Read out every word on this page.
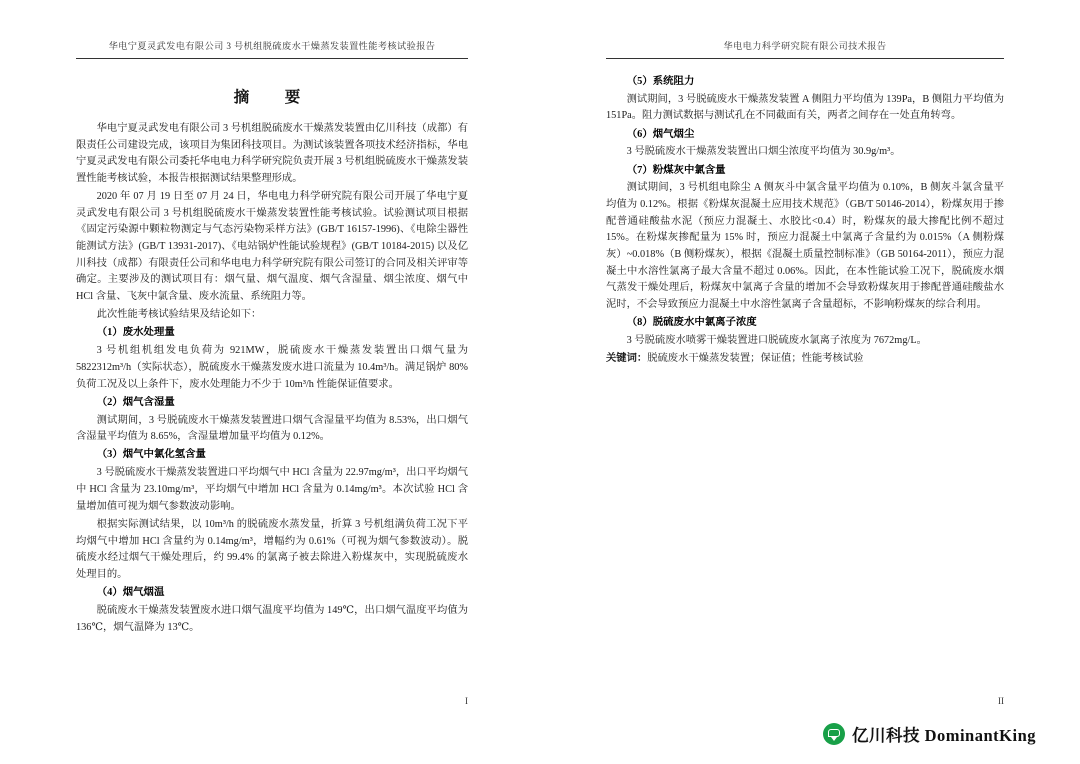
华电宁夏灵武发电有限公司 3 号机组脱硫废水干燥蒸发装置性能考核试验报告
摘　要

华电宁夏灵武发电有限公司 3 号机组脱硫废水干燥蒸发装置由亿川科技（成都）有限责任公司建设完成，该项目为集团科技项目。为测试该装置各项技术经济指标，华电宁夏灵武发电有限公司委托华电电力科学研究院负责开展 3 号机组脱硫废水干燥蒸发装置性能考核试验，本报告根据测试结果整理形成。

2020 年 07 月 19 日至 07 月 24 日，华电电力科学研究院有限公司开展了华电宁夏灵武发电有限公司 3 号机组脱硫废水干燥蒸发装置性能考核试验。试验测试项目根据《固定污染源中颗粒物测定与气态污染物采样方法》(GB/T 16157-1996)、《电除尘器性能测试方法》(GB/T 13931-2017)、《电站锅炉性能试验规程》(GB/T 10184-2015) 以及亿川科技（成都）有限责任公司和华电电力科学研究院有限公司签订的合同及相关评审等确定。主要涉及的测试项目有：烟气量、烟气温度、烟气含湿量、烟尘浓度、烟气中 HCl 含量、飞灰中氯含量、废水流量、系统阻力等。

此次性能考核试验结果及结论如下：

（1）废水处理量

3 号机组机组发电负荷为 921MW，脱硫废水干燥蒸发装置出口烟气量为 5822312m³/h（实际状态），脱硫废水干燥蒸发废水进口流量为 10.4m³/h。满足锅炉 80% 负荷工况及以上条件下，废水处理能力不少于 10m³/h 性能保证值要求。

（2）烟气含湿量

测试期间，3 号脱硫废水干燥蒸发装置进口烟气含湿量平均值为 8.53%，出口烟气含湿量平均值为 8.65%，含湿量增加量平均值为 0.12%。

（3）烟气中氯化氢含量

3 号脱硫废水干燥蒸发装置进口平均烟气中 HCl 含量为 22.97mg/m³，出口平均烟气中 HCl 含量为 23.10mg/m³，平均烟气中增加 HCl 含量为 0.14mg/m³。本次试验 HCl 含量增加值可视为烟气参数波动影响。

根据实际测试结果，以 10m³/h 的脱硫废水蒸发量，折算 3 号机组满负荷工况下平均烟气中增加 HCl 含量约为 0.14mg/m³，增幅约为 0.61%（可视为烟气参数波动）。脱硫废水经过烟气干燥处理后，约 99.4% 的氯离子被去除进入粉煤灰中，实现脱硫废水处理目的。

（4）烟气烟温

脱硫废水干燥蒸发装置废水进口烟气温度平均值为 149℃，出口烟气温度平均值为 136℃，烟气温降为 13℃。

I
华电电力科学研究院有限公司技术报告

（5）系统阻力

测试期间，3 号脱硫废水干燥蒸发装置 A 侧阻力平均值为 139Pa，B 侧阻力平均值为 151Pa。阻力测试数据与测试孔在不同截面有关，两者之间存在一处直角转弯。

（6）烟气烟尘

3 号脱硫废水干燥蒸发装置出口烟尘浓度平均值为 30.9g/m³。

（7）粉煤灰中氯含量

测试期间，3 号机组电除尘 A 侧灰斗中氯含量平均值为 0.10%，B 侧灰斗氯含量平均值为 0.12%。根据《粉煤灰混凝土应用技术规范》（GB/T 50146-2014），粉煤灰用于掺配普通硅酸盐水泥（预应力混凝土、水胶比<0.4）时，粉煤灰的最大掺配比例不超过 15%。在粉煤灰掺配量为 15% 时，预应力混凝土中氯离子含量约为 0.015%（A 侧粉煤灰）~0.018%（B 侧粉煤灰），根据《混凝土质量控制标准》（GB 50164-2011），预应力混凝土中水溶性氯离子最大含量不超过 0.06%。因此，在本性能试验工况下，脱硫废水烟气蒸发干燥处理后，粉煤灰中氯离子含量的增加不会导致粉煤灰用于掺配普通硅酸盐水泥时，不会导致预应力混凝土中水溶性氯离子含量超标，不影响粉煤灰的综合利用。

（8）脱硫废水中氯离子浓度

3 号脱硫废水喷雾干燥装置进口脱硫废水氯离子浓度为 7672mg/L。

关键词：脱硫废水干燥蒸发装置；保证值；性能考核试验

II
亿川科技 DominantKing
